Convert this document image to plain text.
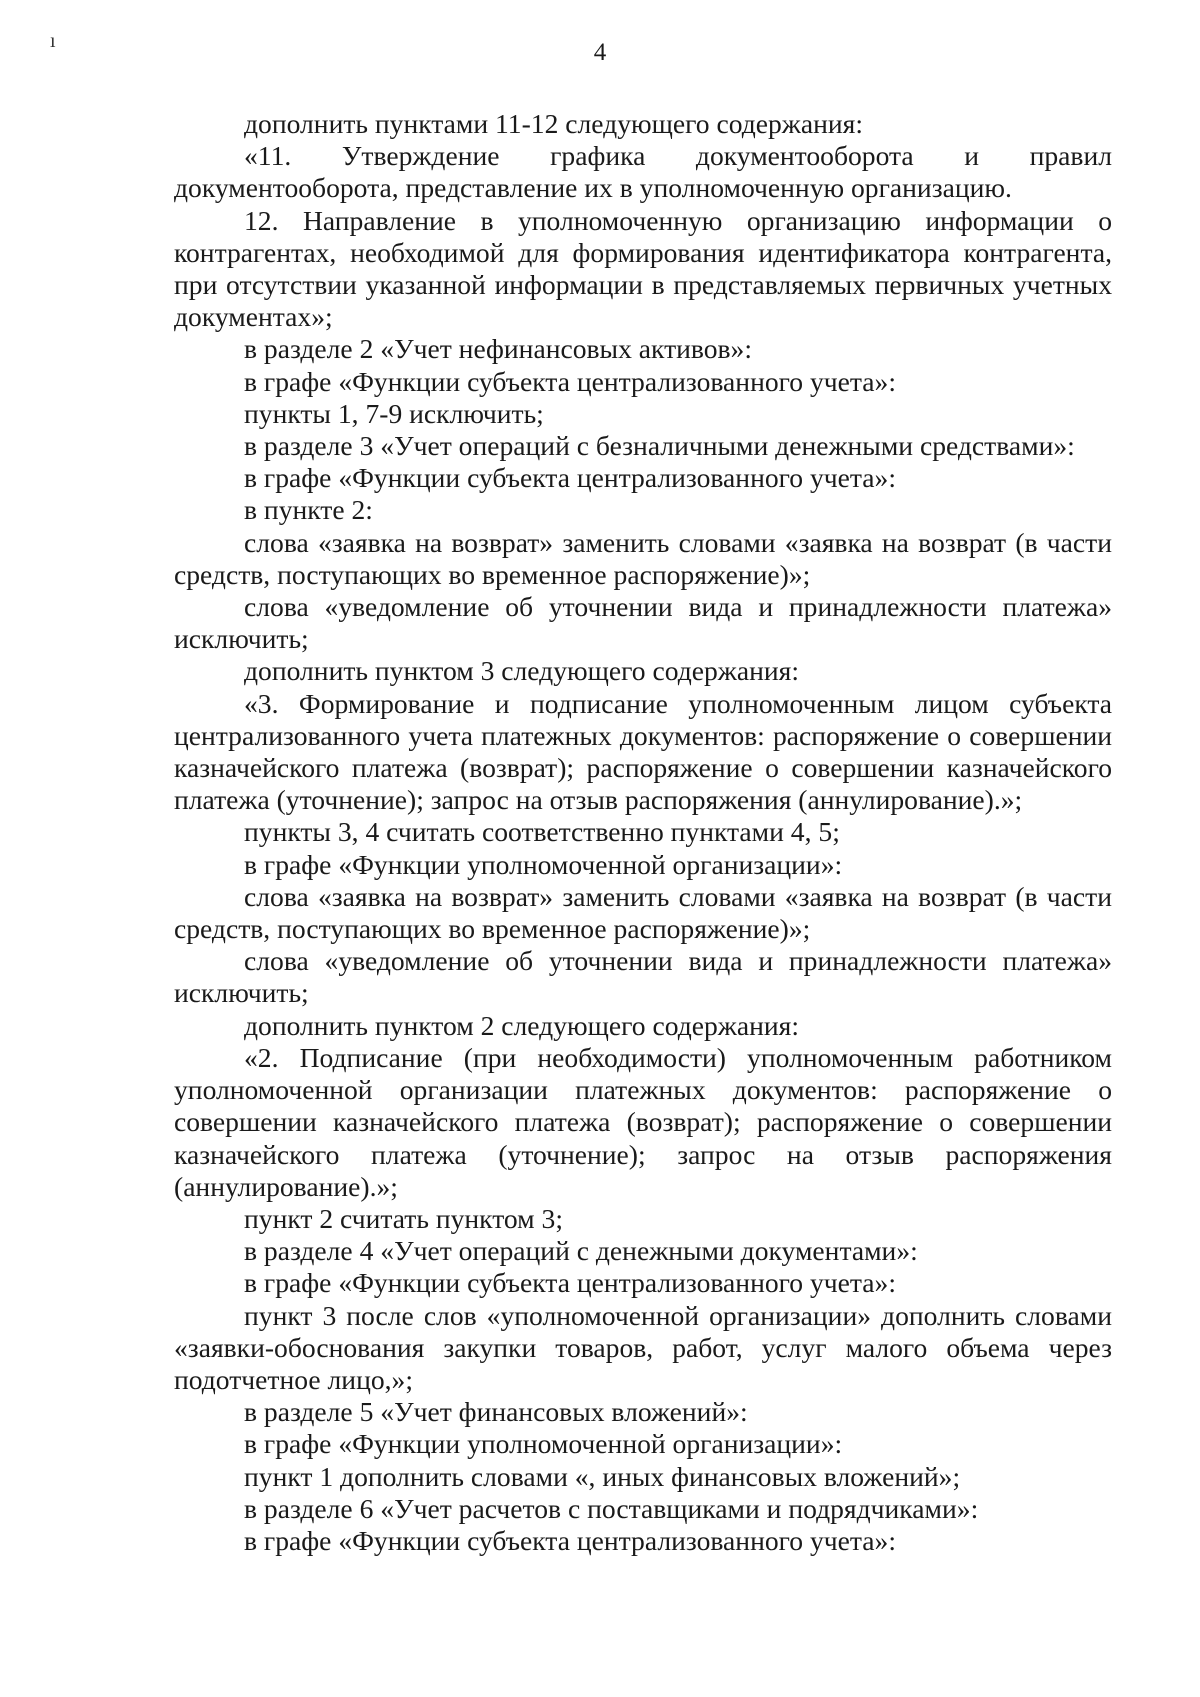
ı	4

дополнить пунктами 11-12 следующего содержания:

«11. Утверждение графика документооборота и правил документооборота, представление их в уполномоченную организацию.

12. Направление в уполномоченную организацию информации о контрагентах, необходимой для формирования идентификатора контрагента, при отсутствии указанной информации в представляемых первичных учетных документах»;

в разделе 2 «Учет нефинансовых активов»:

в графе «Функции субъекта централизованного учета»:

пункты 1, 7-9 исключить;

в разделе 3 «Учет операций с безналичными денежными средствами»:

в графе «Функции субъекта централизованного учета»:

в пункте 2:

слова «заявка на возврат» заменить словами «заявка на возврат (в части средств, поступающих во временное распоряжение)»;

слова «уведомление об уточнении вида и принадлежности платежа» исключить;

дополнить пунктом 3 следующего содержания:

«3. Формирование и подписание уполномоченным лицом субъекта централизованного учета платежных документов: распоряжение о совершении казначейского платежа (возврат); распоряжение о совершении казначейского платежа (уточнение); запрос на отзыв распоряжения (аннулирование).»;

пункты 3, 4 считать соответственно пунктами 4, 5;

в графе «Функции уполномоченной организации»:

слова «заявка на возврат» заменить словами «заявка на возврат (в части средств, поступающих во временное распоряжение)»;

слова «уведомление об уточнении вида и принадлежности платежа» исключить;

дополнить пунктом 2 следующего содержания:

«2. Подписание (при необходимости) уполномоченным работником уполномоченной организации платежных документов: распоряжение о совершении казначейского платежа (возврат); распоряжение о совершении казначейского платежа (уточнение); запрос на отзыв распоряжения (аннулирование).»;

пункт 2 считать пунктом 3;

в разделе 4 «Учет операций с денежными документами»:

в графе «Функции субъекта централизованного учета»:

пункт 3 после слов «уполномоченной организации» дополнить словами «заявки-обоснования закупки товаров, работ, услуг малого объема через подотчетное лицо,»;

в разделе 5 «Учет финансовых вложений»:

в графе «Функции уполномоченной организации»:

пункт 1 дополнить словами «, иных финансовых вложений»;

в разделе 6 «Учет расчетов с поставщиками и подрядчиками»:

в графе «Функции субъекта централизованного учета»:
